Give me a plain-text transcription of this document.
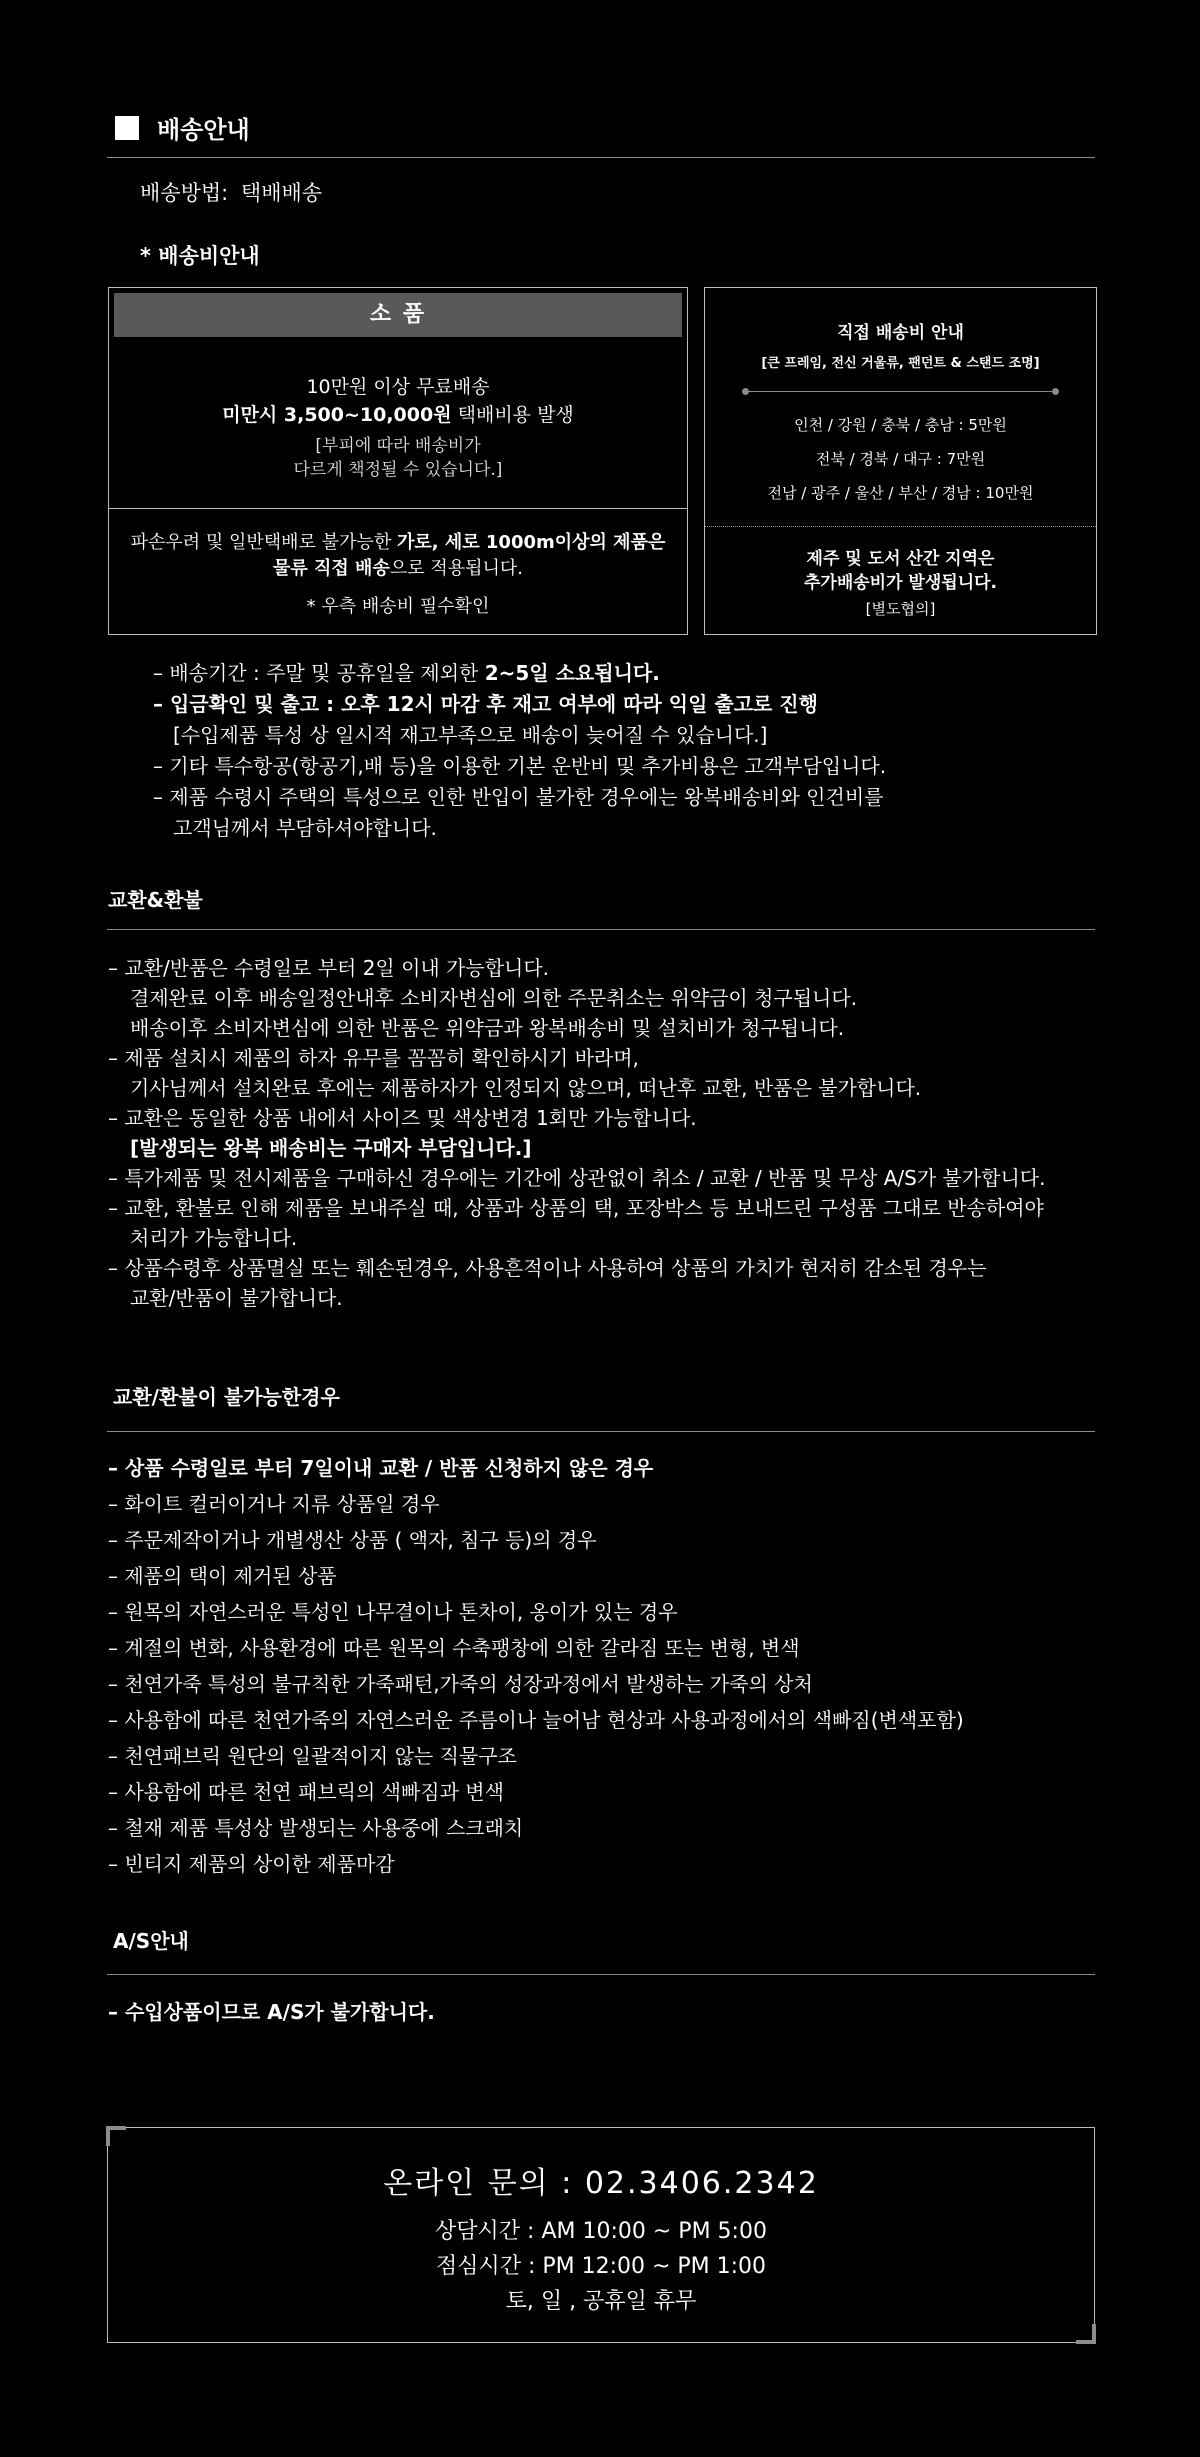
배송안내
배송방법: 택배배송
* 배송비안내
소 품
10만원 이상 무료배송
미만시 3,500~10,000원 택배비용 발생
[부피에 따라 배송비가
다르게 책정될 수 있습니다.]
파손우려 및 일반택배로 불가능한 가로, 세로 1000m이상의 제품은
물류 직접 배송으로 적용됩니다.
* 우측 배송비 필수확인
직접 배송비 안내
[큰 프레임, 전신 거울류, 팬던트 & 스탠드 조명]
인천 / 강원 / 충북 / 충남 : 5만원
전북 / 경북 / 대구 : 7만원
전남 / 광주 / 울산 / 부산 / 경남 : 10만원
제주 및 도서 산간 지역은
추가배송비가 발생됩니다.
[별도협의]
– 배송기간 : 주말 및 공휴일을 제외한 2~5일 소요됩니다.
– 입금확인 및 출고 : 오후 12시 마감 후 재고 여부에 따라 익일 출고로 진행
[수입제품 특성 상 일시적 재고부족으로 배송이 늦어질 수 있습니다.]
– 기타 특수항공(항공기,배 등)을 이용한 기본 운반비 및 추가비용은 고객부담입니다.
– 제품 수령시 주택의 특성으로 인한 반입이 불가한 경우에는 왕복배송비와 인건비를
고객님께서 부담하셔야합니다.
교환&환불
– 교환/반품은 수령일로 부터 2일 이내 가능합니다.
결제완료 이후 배송일정안내후 소비자변심에 의한 주문취소는 위약금이 청구됩니다.
배송이후 소비자변심에 의한 반품은 위약금과 왕복배송비 및 설치비가 청구됩니다.
– 제품 설치시 제품의 하자 유무를 꼼꼼히 확인하시기 바라며,
기사님께서 설치완료 후에는 제품하자가 인정되지 않으며, 떠난후 교환, 반품은 불가합니다.
– 교환은 동일한 상품 내에서 사이즈 및 색상변경 1회만 가능합니다.
[발생되는 왕복 배송비는 구매자 부담입니다.]
– 특가제품 및 전시제품을 구매하신 경우에는 기간에 상관없이 취소 / 교환 / 반품 및 무상 A/S가 불가합니다.
– 교환, 환불로 인해 제품을 보내주실 때, 상품과 상품의 택, 포장박스 등 보내드린 구성품 그대로 반송하여야
처리가 가능합니다.
– 상품수령후 상품멸실 또는 훼손된경우, 사용흔적이나 사용하여 상품의 가치가 현저히 감소된 경우는
교환/반품이 불가합니다.
교환/환불이 불가능한경우
– 상품 수령일로 부터 7일이내 교환 / 반품 신청하지 않은 경우
– 화이트 컬러이거나 지류 상품일 경우
– 주문제작이거나 개별생산 상품 ( 액자, 침구 등)의 경우
– 제품의 택이 제거된 상품
– 원목의 자연스러운 특성인 나무결이나 톤차이, 옹이가 있는 경우
– 계절의 변화, 사용환경에 따른 원목의 수축팽창에 의한 갈라짐 또는 변형, 변색
– 천연가죽 특성의 불규칙한 가죽패턴,가죽의 성장과정에서 발생하는 가죽의 상처
– 사용함에 따른 천연가죽의 자연스러운 주름이나 늘어남 현상과 사용과정에서의 색빠짐(변색포함)
– 천연패브릭 원단의 일괄적이지 않는 직물구조
– 사용함에 따른 천연 패브릭의 색빠짐과 변색
– 철재 제품 특성상 발생되는 사용중에 스크래치
– 빈티지 제품의 상이한 제품마감
A/S안내
– 수입상품이므로 A/S가 불가합니다.
온라인 문의 : 02.3406.2342
상담시간 : AM 10:00 ~ PM 5:00
점심시간 : PM 12:00 ~ PM 1:00
토, 일 , 공휴일 휴무
